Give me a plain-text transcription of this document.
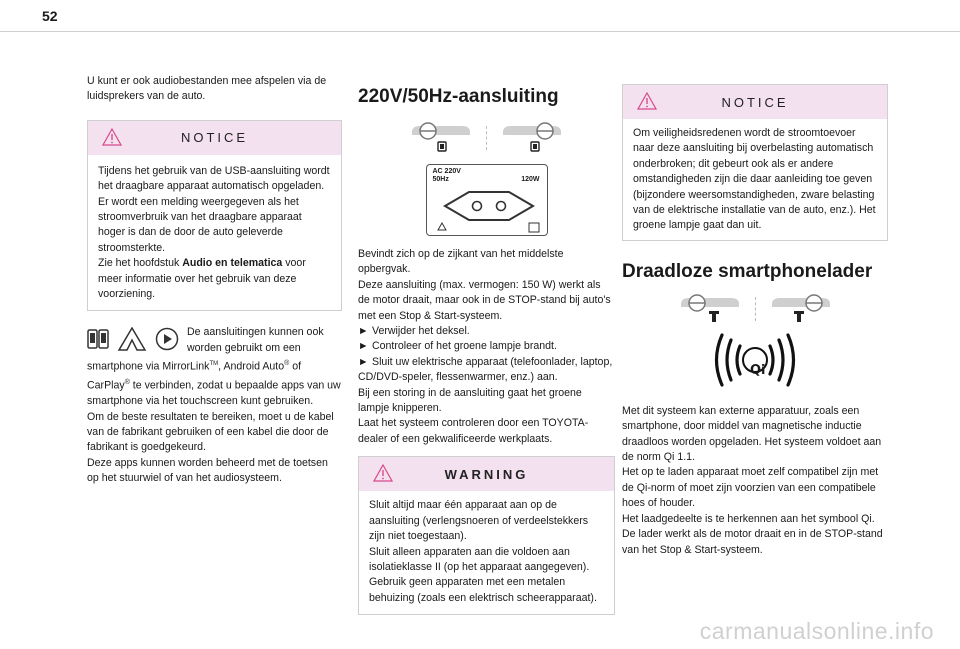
52

U kunt er ook audiobestanden mee afspelen via de luidsprekers van de auto.

NOTICE

Tijdens het gebruik van de USB-aansluiting wordt het draagbare apparaat automatisch opgeladen.

Er wordt een melding weergegeven als het stroomverbruik van het draagbare apparaat hoger is dan de door de auto geleverde stroomsterkte.

Zie het hoofdstuk Audio en telematica voor meer informatie over het gebruik van deze voorziening.

De aansluitingen kunnen ook worden gebruikt om een smartphone via MirrorLink™, Android Auto® of CarPlay® te verbinden, zodat u bepaalde apps van uw smartphone via het touchscreen kunt gebruiken.

Om de beste resultaten te bereiken, moet u de kabel van de fabrikant gebruiken of een kabel die door de fabrikant is goedgekeurd.

Deze apps kunnen worden beheerd met de toetsen op het stuurwiel of van het audiosysteem.

220V/50Hz-aansluiting
AC 220V
50Hz	120W

Bevindt zich op de zijkant van het middelste opbergvak.

Deze aansluiting (max. vermogen: 150 W) werkt als de motor draait, maar ook in de STOP-stand bij auto's met een Stop & Start-systeem.

► Verwijder het deksel.

► Controleer of het groene lampje brandt.

► Sluit uw elektrische apparaat (telefoonlader, laptop, CD/DVD-speler, flessenwarmer, enz.) aan.

Bij een storing in de aansluiting gaat het groene lampje knipperen.

Laat het systeem controleren door een TOYOTA-dealer of een gekwalificeerde werkplaats.

WARNING

Sluit altijd maar één apparaat aan op de aansluiting (verlengsnoeren of verdeelstekkers zijn niet toegestaan).

Sluit alleen apparaten aan die voldoen aan isolatieklasse II (op het apparaat aangegeven).

Gebruik geen apparaten met een metalen behuizing (zoals een elektrisch scheerapparaat).

NOTICE

Om veiligheidsredenen wordt de stroomtoevoer naar deze aansluiting bij overbelasting automatisch onderbroken; dit gebeurt ook als er andere omstandigheden zijn die daar aanleiding toe geven (bijzondere weersomstandigheden, zware belasting van de elektrische installatie van de auto, enz.). Het groene lampje gaat dan uit.

Draadloze smartphonelader
Qi

Met dit systeem kan externe apparatuur, zoals een smartphone, door middel van magnetische inductie draadloos worden opgeladen. Het systeem voldoet aan de norm Qi 1.1.

Het op te laden apparaat moet zelf compatibel zijn met de Qi-norm of moet zijn voorzien van een compatibele hoes of houder.

Het laadgedeelte is te herkennen aan het symbool Qi.

De lader werkt als de motor draait en in de STOP-stand van het Stop & Start-systeem.

carmanualsonline.info
